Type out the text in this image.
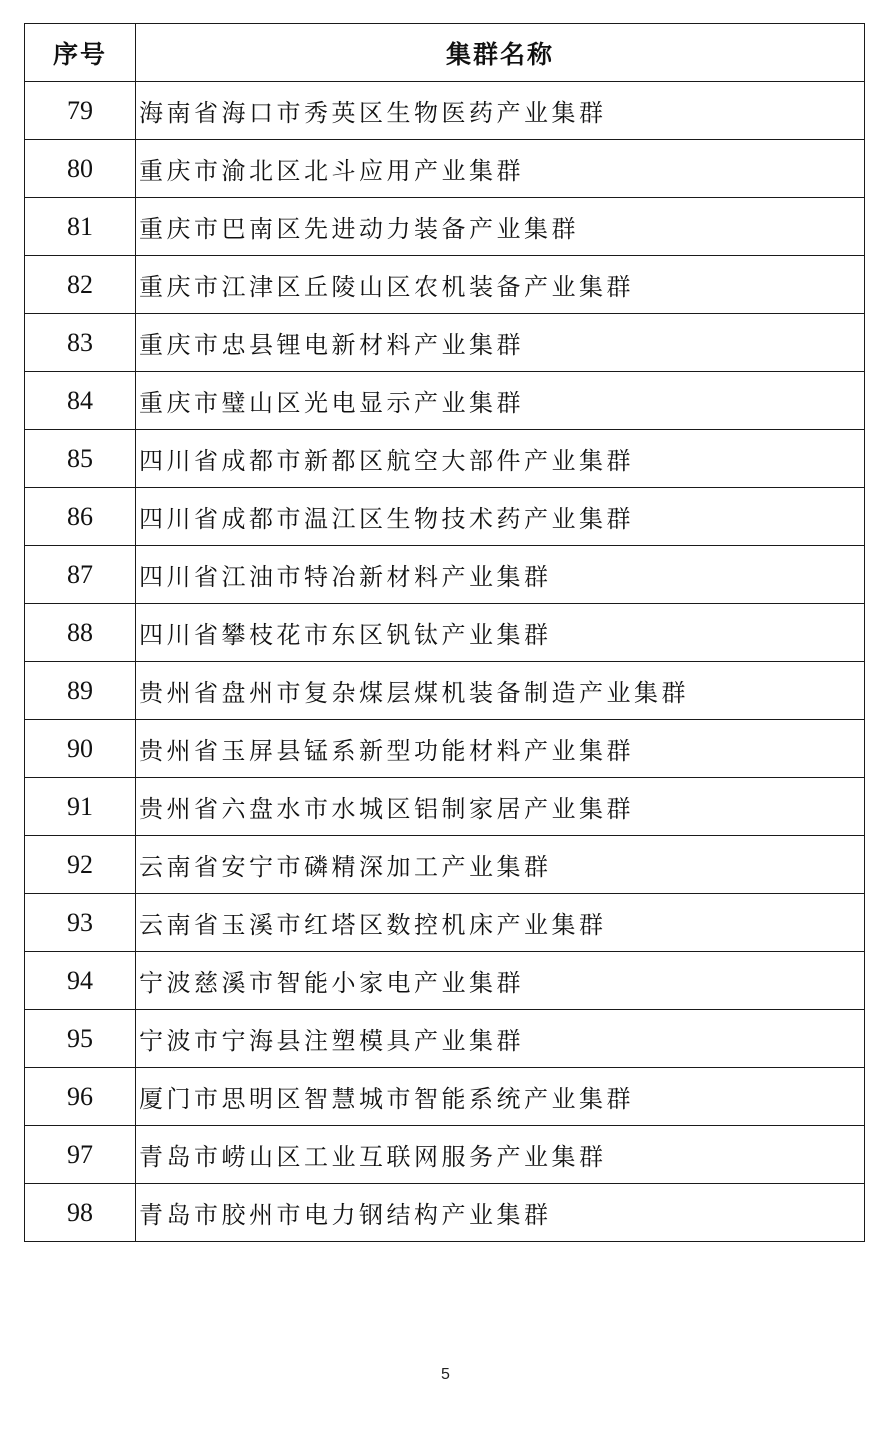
序号	集群名称
79	海南省海口市秀英区生物医药产业集群
80	重庆市渝北区北斗应用产业集群
81	重庆市巴南区先进动力装备产业集群
82	重庆市江津区丘陵山区农机装备产业集群
83	重庆市忠县锂电新材料产业集群
84	重庆市璧山区光电显示产业集群
85	四川省成都市新都区航空大部件产业集群
86	四川省成都市温江区生物技术药产业集群
87	四川省江油市特冶新材料产业集群
88	四川省攀枝花市东区钒钛产业集群
89	贵州省盘州市复杂煤层煤机装备制造产业集群
90	贵州省玉屏县锰系新型功能材料产业集群
91	贵州省六盘水市水城区铝制家居产业集群
92	云南省安宁市磷精深加工产业集群
93	云南省玉溪市红塔区数控机床产业集群
94	宁波慈溪市智能小家电产业集群
95	宁波市宁海县注塑模具产业集群
96	厦门市思明区智慧城市智能系统产业集群
97	青岛市崂山区工业互联网服务产业集群
98	青岛市胶州市电力钢结构产业集群
5
